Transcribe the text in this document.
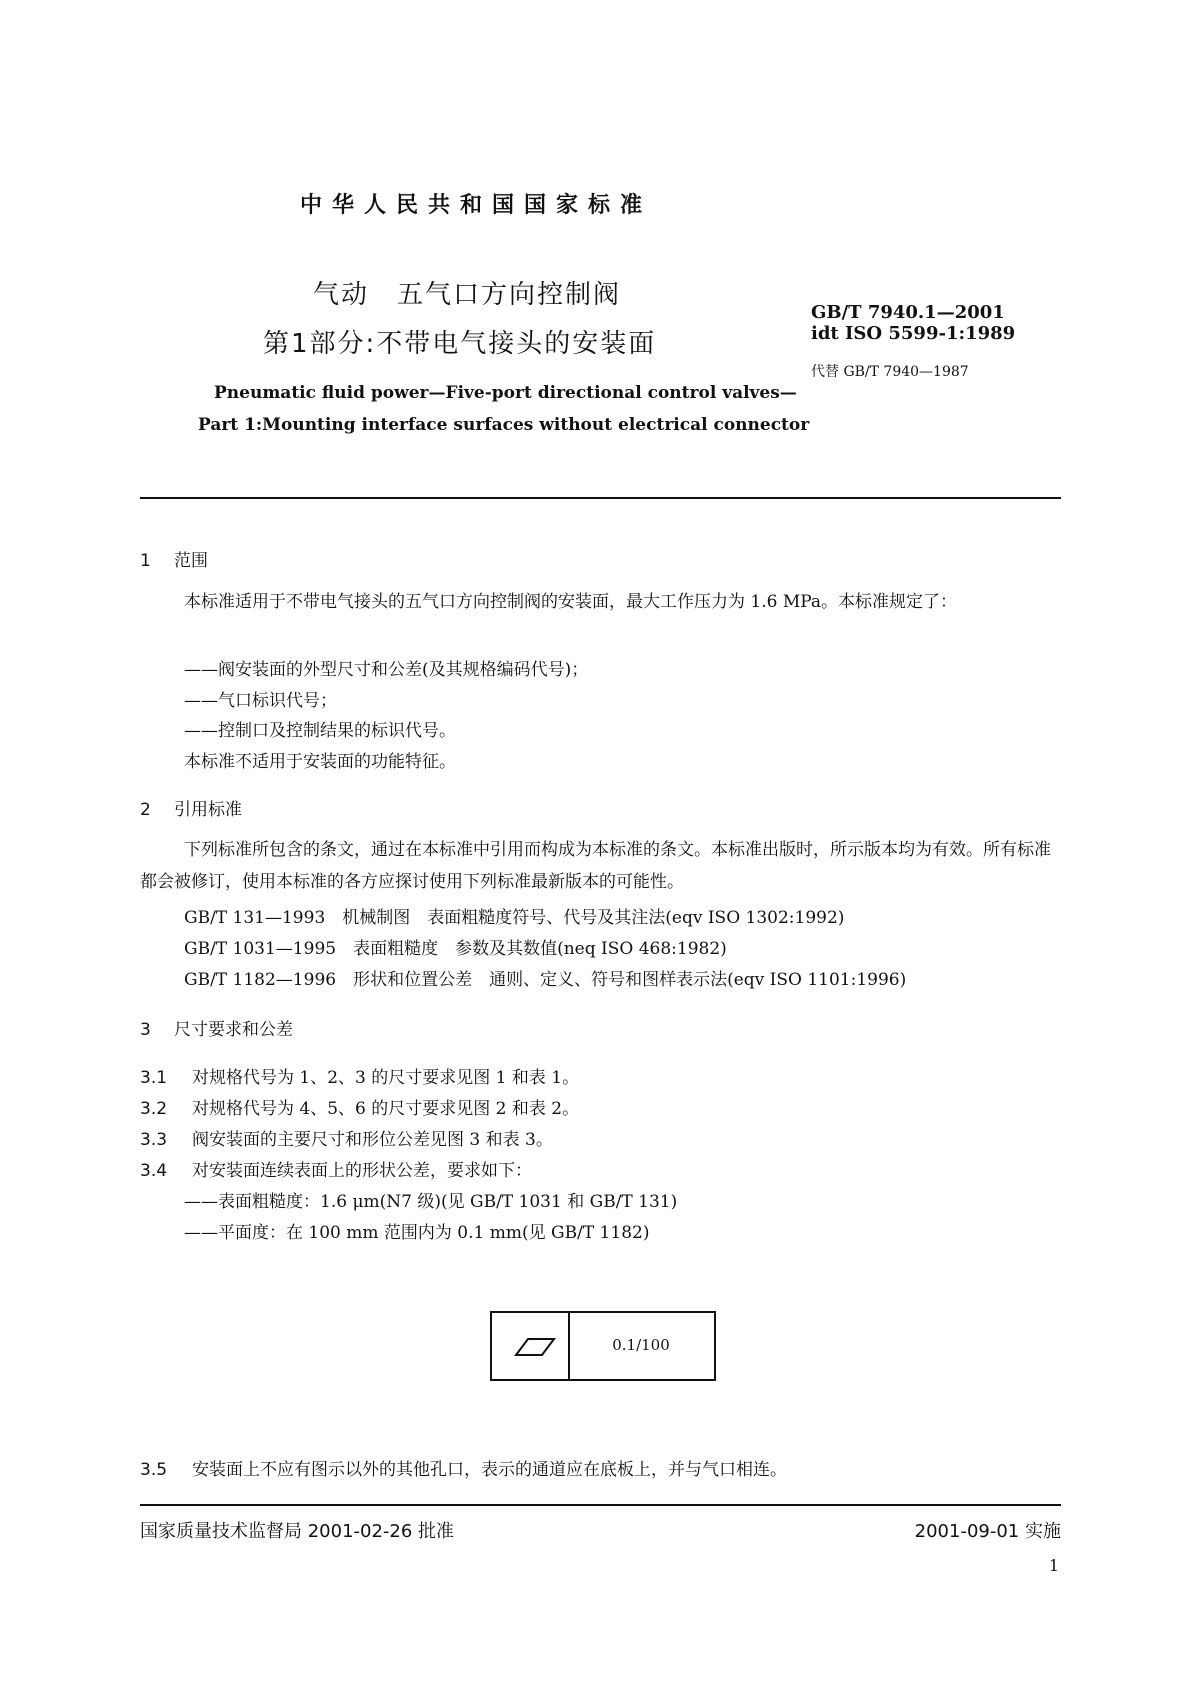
中华人民共和国国家标准
气动　五气口方向控制阀
第1部分:不带电气接头的安装面
GB/T 7940.1—2001
idt ISO 5599-1:1989
代替 GB/T 7940—1987
Pneumatic fluid power—Five-port directional control valves—
Part 1:Mounting interface surfaces without electrical connector
1 范围
本标准适用于不带电气接头的五气口方向控制阀的安装面，最大工作压力为 1.6 MPa。本标准规定了：
——阀安装面的外型尺寸和公差(及其规格编码代号)；
——气口标识代号；
——控制口及控制结果的标识代号。
本标准不适用于安装面的功能特征。
2 引用标准
下列标准所包含的条文，通过在本标准中引用而构成为本标准的条文。本标准出版时，所示版本均为有效。所有标准都会被修订，使用本标准的各方应探讨使用下列标准最新版本的可能性。
GB/T 131—1993　机械制图　表面粗糙度符号、代号及其注法(eqv ISO 1302:1992)
GB/T 1031—1995　表面粗糙度　参数及其数值(neq ISO 468:1982)
GB/T 1182—1996　形状和位置公差　通则、定义、符号和图样表示法(eqv ISO 1101:1996)
3 尺寸要求和公差
3.1 对规格代号为 1、2、3 的尺寸要求见图 1 和表 1。
3.2 对规格代号为 4、5、6 的尺寸要求见图 2 和表 2。
3.3 阀安装面的主要尺寸和形位公差见图 3 和表 3。
3.4 对安装面连续表面上的形状公差，要求如下：
——表面粗糙度：1.6 μm(N7 级)(见 GB/T 1031 和 GB/T 131)
——平面度：在 100 mm 范围内为 0.1 mm(见 GB/T 1182)
0.1/100
3.5 安装面上不应有图示以外的其他孔口，表示的通道应在底板上，并与气口相连。
国家质量技术监督局 2001-02-26 批准	2001-09-01 实施
1
